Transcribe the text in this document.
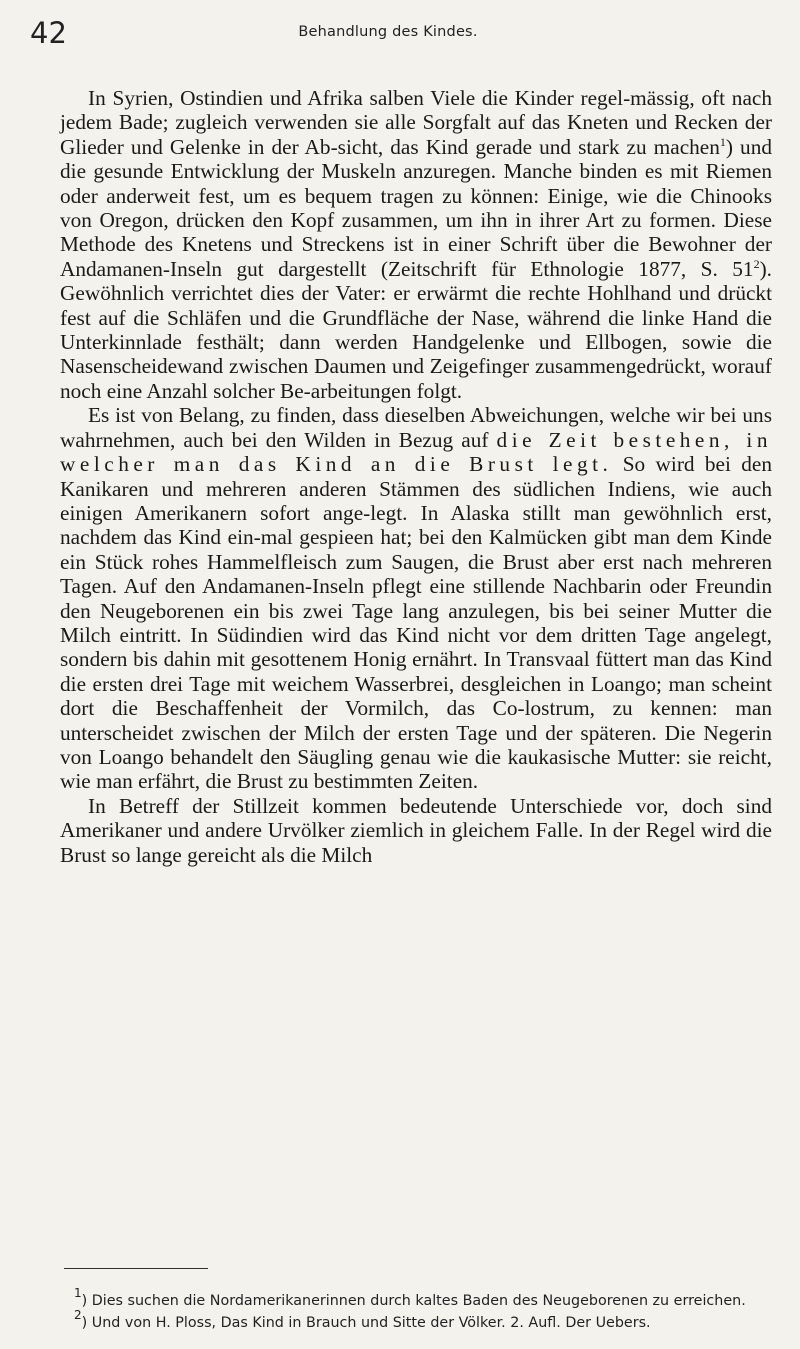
42	Behandlung des Kindes.

In Syrien, Ostindien und Afrika salben Viele die Kinder regel-mässig, oft nach jedem Bade; zugleich verwenden sie alle Sorgfalt auf das Kneten und Recken der Glieder und Gelenke in der Ab-sicht, das Kind gerade und stark zu machen$^1$) und die gesunde Entwicklung der Muskeln anzuregen. Manche binden es mit Riemen oder anderweit fest, um es bequem tragen zu können: Einige, wie die Chinooks von Oregon, drücken den Kopf zusammen, um ihn in ihrer Art zu formen. Diese Methode des Knetens und Streckens ist in einer Schrift über die Bewohner der Andamanen-Inseln gut dargestellt (Zeitschrift für Ethnologie 1877, S. $51^2$). Gewöhnlich verrichtet dies der Vater: er erwärmt die rechte Hohlhand und drückt fest auf die Schläfen und die Grundfläche der Nase, während die linke Hand die Unterkinnlade festhält; dann werden Handgelenke und Ellbogen, sowie die Nasenscheidewand zwischen Daumen und Zeigefinger zusammengedrückt, worauf noch eine Anzahl solcher Be-arbeitungen folgt.

Es ist von Belang, zu finden, dass dieselben Abweichungen, welche wir bei uns wahrnehmen, auch bei den Wilden in Bezug auf die Zeit bestehen, in welcher man das Kind an die Brust legt. So wird bei den Kanikaren und mehreren anderen Stämmen des südlichen Indiens, wie auch einigen Amerikanern sofort ange-legt. In Alaska stillt man gewöhnlich erst, nachdem das Kind ein-mal gespieen hat; bei den Kalmücken gibt man dem Kinde ein Stück rohes Hammelfleisch zum Saugen, die Brust aber erst nach mehreren Tagen. Auf den Andamanen-Inseln pflegt eine stillende Nachbarin oder Freundin den Neugeborenen ein bis zwei Tage lang anzulegen, bis bei seiner Mutter die Milch eintritt. In Südindien wird das Kind nicht vor dem dritten Tage angelegt, sondern bis dahin mit gesottenem Honig ernährt. In Transvaal füttert man das Kind die ersten drei Tage mit weichem Wasserbrei, desgleichen in Loango; man scheint dort die Beschaffenheit der Vormilch, das Co-lostrum, zu kennen: man unterscheidet zwischen der Milch der ersten Tage und der späteren. Die Negerin von Loango behandelt den Säugling genau wie die kaukasische Mutter: sie reicht, wie man erfährt, die Brust zu bestimmten Zeiten.

In Betreff der Stillzeit kommen bedeutende Unterschiede vor, doch sind Amerikaner und andere Urvölker ziemlich in gleichem Falle. In der Regel wird die Brust so lange gereicht als die Milch

$^1$) Dies suchen die Nordamerikanerinnen durch kaltes Baden des Neugeborenen zu erreichen.

$^2$) Und von H. Ploss, Das Kind in Brauch und Sitte der Völker. 2. Aufl. Der Uebers.
